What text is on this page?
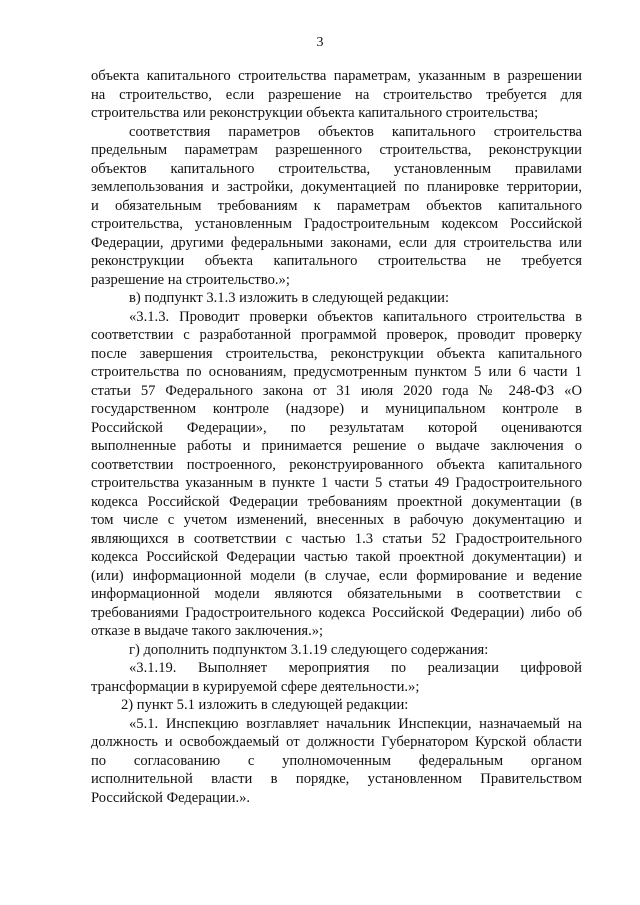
3
объекта капитального строительства параметрам, указанным в разрешении
на строительство, если разрешение на строительство требуется для
строительства или реконструкции объекта капитального строительства;
соответствия параметров объектов капитального строительства
предельным параметрам разрешенного строительства, реконструкции
объектов капитального строительства, установленным правилами
землепользования и застройки, документацией по планировке территории,
и обязательным требованиям к параметрам объектов капитального
строительства, установленным Градостроительным кодексом Российской
Федерации, другими федеральными законами, если для строительства или
реконструкции объекта капитального строительства не требуется
разрешение на строительство.»;
в) подпункт 3.1.3 изложить в следующей редакции:
«3.1.3. Проводит проверки объектов капитального строительства в
соответствии с разработанной программой проверок, проводит проверку
после завершения строительства, реконструкции объекта капитального
строительства по основаниям, предусмотренным пунктом 5 или 6 части 1
статьи 57 Федерального закона от 31 июля 2020 года № 248-ФЗ «О
государственном контроле (надзоре) и муниципальном контроле в
Российской Федерации», по результатам которой оцениваются
выполненные работы и принимается решение о выдаче заключения о
соответствии построенного, реконструированного объекта капитального
строительства указанным в пункте 1 части 5 статьи 49 Градостроительного
кодекса Российской Федерации требованиям проектной документации (в
том числе с учетом изменений, внесенных в рабочую документацию и
являющихся в соответствии с частью 1.3 статьи 52 Градостроительного
кодекса Российской Федерации частью такой проектной документации) и
(или) информационной модели (в случае, если формирование и ведение
информационной модели являются обязательными в соответствии с
требованиями Градостроительного кодекса Российской Федерации) либо об
отказе в выдаче такого заключения.»;
г) дополнить подпунктом 3.1.19 следующего содержания:
«3.1.19. Выполняет мероприятия по реализации цифровой
трансформации в курируемой сфере деятельности.»;
2) пункт 5.1 изложить в следующей редакции:
«5.1. Инспекцию возглавляет начальник Инспекции, назначаемый на
должность и освобождаемый от должности Губернатором Курской области
по согласованию с уполномоченным федеральным органом
исполнительной власти в порядке, установленном Правительством
Российской Федерации.».
